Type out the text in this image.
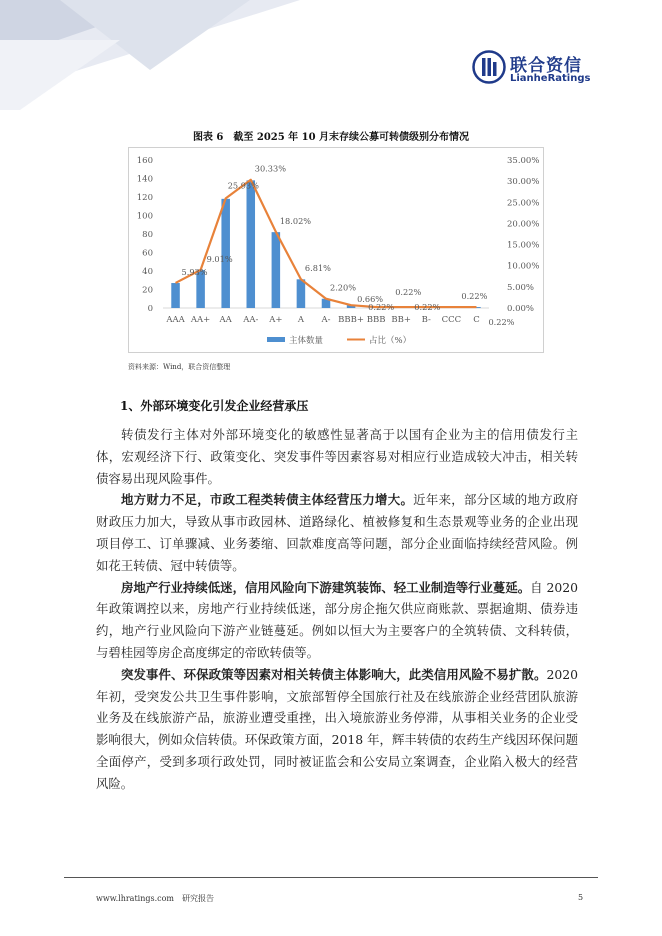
联合资信
LianheRatings
图表 6　截至 2025 年 10 月末存续公募可转债级别分布情况
0
20
40
60
80
100
120
140
160
0.00%
5.00%
10.00%
15.00%
20.00%
25.00%
30.00%
35.00%
AAA AA+ AA AA- A+ A A- BBB+ BBB BB+ B- CCC C
5.93%
9.01%
25.93%
30.33%
18.02%
6.81%
2.20%
0.66%
0.22%
0.22%
0.22%
0.22%
0.22%
主体数量	占比（%）
资料来源：Wind，联合资信整理
1、外部环境变化引发企业经营承压

转债发行主体对外部环境变化的敏感性显著高于以国有企业为主的信用债发行主体，宏观经济下行、政策变化、突发事件等因素容易对相应行业造成较大冲击，相关转债容易出现风险事件。

地方财力不足，市政工程类转债主体经营压力增大。近年来，部分区域的地方政府财政压力加大，导致从事市政园林、道路绿化、植被修复和生态景观等业务的企业出现项目停工、订单骤减、业务萎缩、回款难度高等问题，部分企业面临持续经营风险。例如花王转债、冠中转债等。

房地产行业持续低迷，信用风险向下游建筑装饰、轻工业制造等行业蔓延。自 2020 年政策调控以来，房地产行业持续低迷，部分房企拖欠供应商账款、票据逾期、债券违约，地产行业风险向下游产业链蔓延。例如以恒大为主要客户的全筑转债、文科转债，与碧桂园等房企高度绑定的帝欧转债等。

突发事件、环保政策等因素对相关转债主体影响大，此类信用风险不易扩散。2020 年初，受突发公共卫生事件影响，文旅部暂停全国旅行社及在线旅游企业经营团队旅游业务及在线旅游产品，旅游业遭受重挫，出入境旅游业务停滞，从事相关业务的企业受影响很大，例如众信转债。环保政策方面，2018 年，辉丰转债的农药生产线因环保问题全面停产，受到多项行政处罚，同时被证监会和公安局立案调查，企业陷入极大的经营风险。

www.lhratings.com　研究报告	5
